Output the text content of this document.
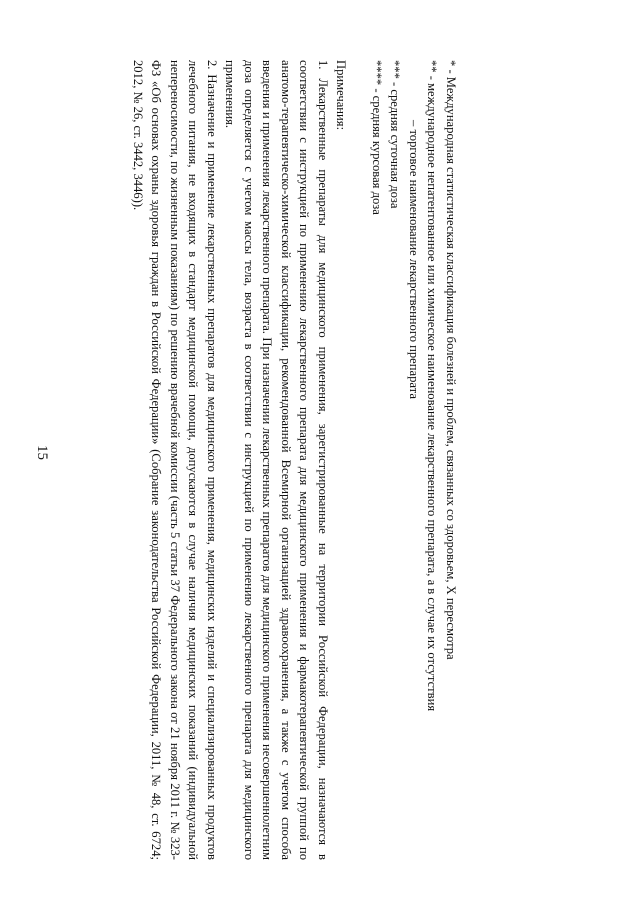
15	* - Международная статистическая классификация болезней и проблем, связанных со здоровьем, X пересмотра

** - международное непатентованное или химическое наименование лекарственного препарата, а в случае их отсутствия

– торговое наименование лекарственного препарата

*** - средняя суточная доза

**** - средняя курсовая доза

Примечания:

1. Лекарственные препараты для медицинского применения, зарегистрированные на территории Российской Федерации, назначаются в соответствии с инструкцией по применению лекарственного препарата для медицинского применения и фармакотерапевтической группой по анатомо-терапевтическо-химической классификации, рекомендованной Всемирной организацией здравоохранения, а также с учетом способа введения и применения лекарственного препарата. При назначении лекарственных препаратов для медицинского применения несовершеннолетним доза определяется с учетом массы тела, возраста в соответствии с инструкцией по применению лекарственного препарата для медицинского применения.

2. Назначение и применение лекарственных препаратов для медицинского применения, медицинских изделий и специализированных продуктов лечебного питания, не входящих в стандарт медицинской помощи, допускаются в случае наличия медицинских показаний (индивидуальной непереносимости, по жизненным показаниям) по решению врачебной комиссии (часть 5 статьи 37 Федерального закона от 21 ноября 2011 г. № 323-ФЗ «Об основах охраны здоровья граждан в Российской Федерации» (Собрание законодательства Российской Федерации, 2011, № 48, ст. 6724; 2012, № 26, ст. 3442, 3446)).
